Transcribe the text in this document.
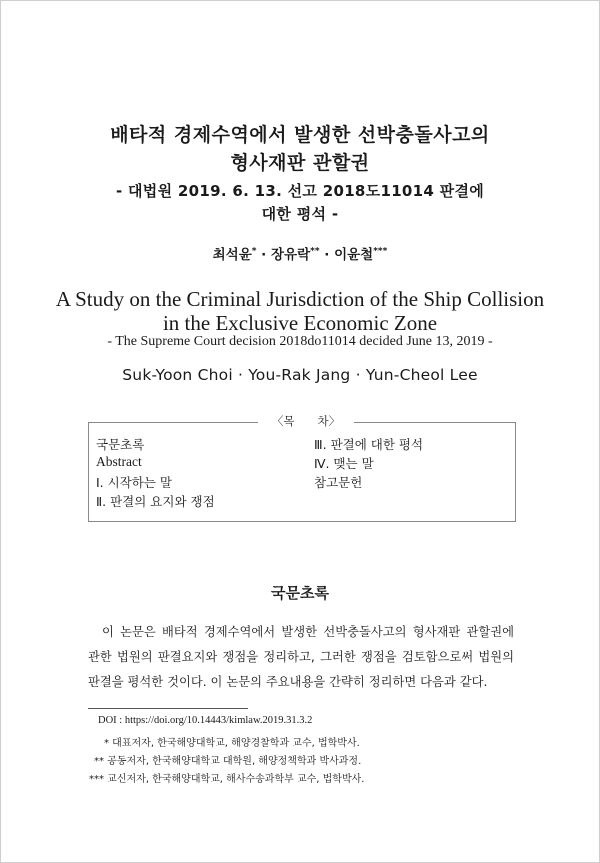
배타적 경제수역에서 발생한 선박충돌사고의
형사재판 관할권
- 대법원 2019. 6. 13. 선고 2018도11014 판결에
대한 평석 -
최석윤* · 장유락** · 이윤철***
A Study on the Criminal Jurisdiction of the Ship Collision
in the Exclusive Economic Zone
- The Supreme Court decision 2018do11014 decided June 13, 2019 -
Suk-Yoon Choi · You-Rak Jang · Yun-Cheol Lee
〈목　　차〉
국문초록
Abstract
Ⅰ. 시작하는 말
Ⅱ. 판결의 요지와 쟁점
Ⅲ. 판결에 대한 평석
Ⅳ. 맺는 말
참고문헌
국문초록
이 논문은 배타적 경제수역에서 발생한 선박충돌사고의 형사재판 관할권에 관한 법원의 판결요지와 쟁점을 정리하고, 그러한 쟁점을 검토함으로써 법원의 판결을 평석한 것이다. 이 논문의 주요내용을 간략히 정리하면 다음과 같다.
DOI : https://doi.org/10.14443/kimlaw.2019.31.3.2
* 대표저자, 한국해양대학교, 해양경찰학과 교수, 법학박사.
** 공동저자, 한국해양대학교 대학원, 해양정책학과 박사과정.
*** 교신저자, 한국해양대학교, 해사수송과학부 교수, 법학박사.
